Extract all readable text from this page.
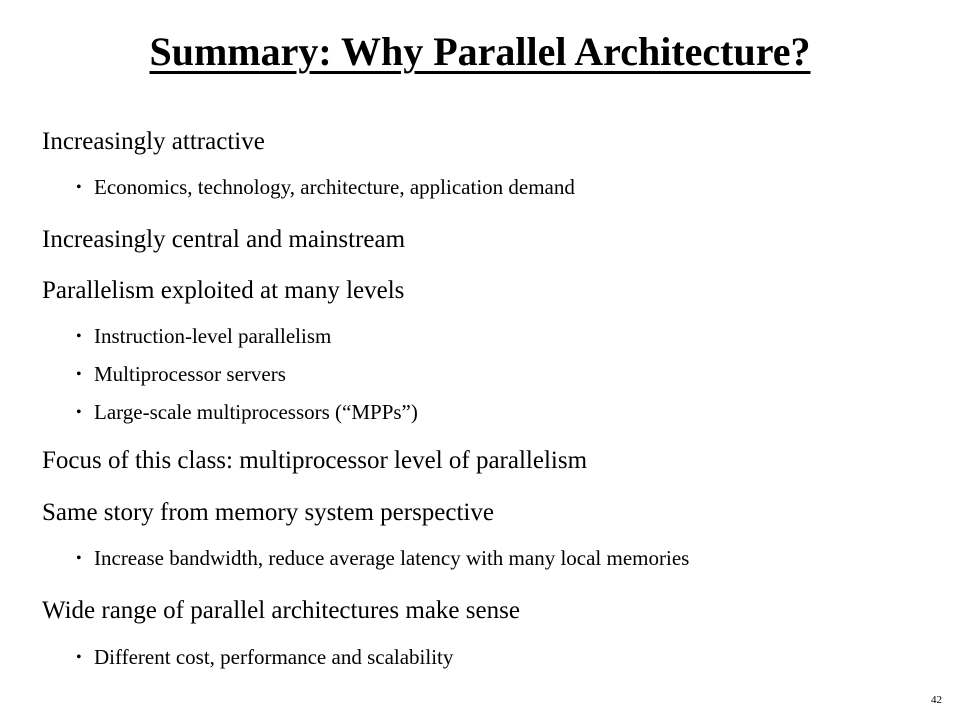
Summary: Why Parallel Architecture?

Increasingly attractive

• Economics, technology, architecture, application demand

Increasingly central and mainstream

Parallelism exploited at many levels

• Instruction-level parallelism

• Multiprocessor servers

• Large-scale multiprocessors (“MPPs”)

Focus of this class: multiprocessor level of parallelism

Same story from memory system perspective

• Increase bandwidth, reduce average latency with many local memories

Wide range of parallel architectures make sense

• Different cost, performance and scalability

42
